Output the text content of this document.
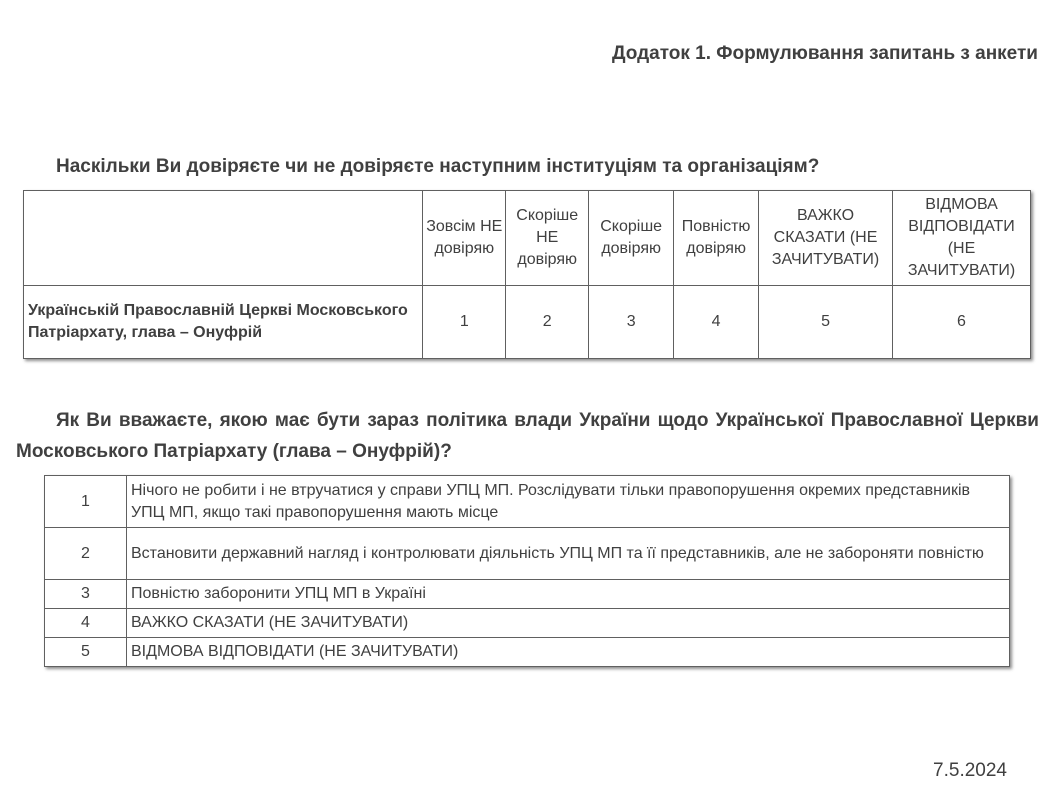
Додаток 1. Формулювання запитань з анкети

Наскільки Ви довіряєте чи не довіряєте наступним інституціям та організаціям?

	Зовсім НЕ довіряю	Скоріше НЕ довіряю	Скоріше довіряю	Повністю довіряю	ВАЖКО СКАЗАТИ (НЕ ЗАЧИТУВАТИ)	ВІДМОВА ВІДПОВІДАТИ (НЕ ЗАЧИТУВАТИ)
Українській Православній Церкві Московського Патріархату, глава – Онуфрій	1	2	3	4	5	6

Як Ви вважаєте, якою має бути зараз політика влади України щодо Української Православної Церкви Московського Патріархату (глава – Онуфрій)?

1	Нічого не робити і не втручатися у справи УПЦ МП. Розслідувати тільки правопорушення окремих представників УПЦ МП, якщо такі правопорушення мають місце
2	Встановити державний нагляд і контролювати діяльність УПЦ МП та її представників, але не забороняти повністю
3	Повністю заборонити УПЦ МП в Україні
4	ВАЖКО СКАЗАТИ (НЕ ЗАЧИТУВАТИ)
5	ВІДМОВА ВІДПОВІДАТИ (НЕ ЗАЧИТУВАТИ)
7.5.2024
